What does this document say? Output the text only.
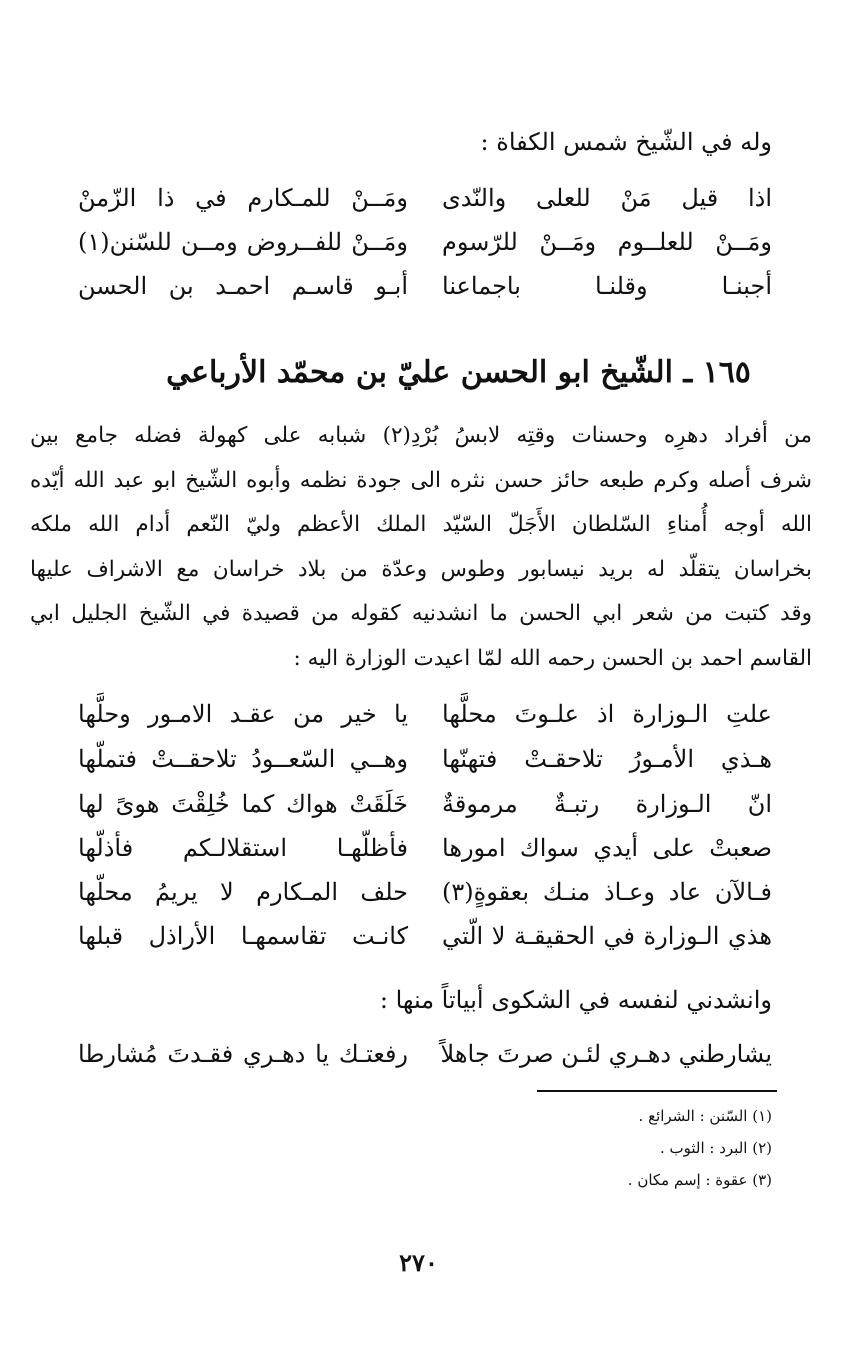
وله في الشّيخ شمس الكفاة :
اذا قيل مَنْ للعلى والنّدى
ومَــنْ للمـكارم في ذا الزّمنْ
ومَــنْ للعلــوم ومَــنْ للرّسوم
ومَــنْ للفــروض ومــن للسّنن(١)
أجبنـا وقلنـا باجماعنا
أبـو قاسـم احمـد بن الحسن
١٦٥ ـ الشّيخ ابو الحسن عليّ بن محمّد الأرباعي
من أفراد دهرِه وحسنات وقتِه لابسُ بُرْدِ(٢) شبابه على كهولة فضله جامع بين
شرف أصله وكرم طبعه حائز حسن نثره الى جودة نظمه وأبوه الشّيخ ابو عبد الله أيّده
الله أوجه أُمناءِ السّلطان الأَجَلّ السّيّد الملك الأعظم وليّ النّعم أدام الله ملكه
بخراسان يتقلّد له بريد نيسابور وطوس وعدّة من بلاد خراسان مع الاشراف عليها
وقد كتبت من شعر ابي الحسن ما انشدنيه كقوله من قصيدة في الشّيخ الجليل ابي
القاسم احمد بن الحسن رحمه الله لمّا اعيدت الوزارة اليه :
علتِ الـوزارة اذ علـوتَ محلَّها
يا خير من عقـد الامـور وحلَّها
هـذي الأمـورُ تلاحقـتْ فتهنّها
وهــي السّعــودُ تلاحقــتْ فتملّها
انّ الـوزارة رتبـةٌ مرموقةٌ
خَلَقَتْ هواك كما خُلِقْتَ هوىً لها
صعبتْ على أيدي سواك امورها
فأظلّهـا استقلالـكم فأذلّها
فـالآن عاد وعـاذ منـك بعقوةٍ(٣)
حلف المـكارم لا يريمُ محلّها
هذي الـوزارة في الحقيقـة لا الّتي
كانـت تقاسمهـا الأراذل قبلها
وانشدني لنفسه في الشكوى أبياتاً منها :
يشارطني دهـري لئـن صرتَ جاهلاً
رفعتـك يا دهـري فقـدتَ مُشارطا
(١) السّنن : الشرائع .
(٢) البرد : الثوب .
(٣) عقوة : إسم مكان .
٢٧٠
